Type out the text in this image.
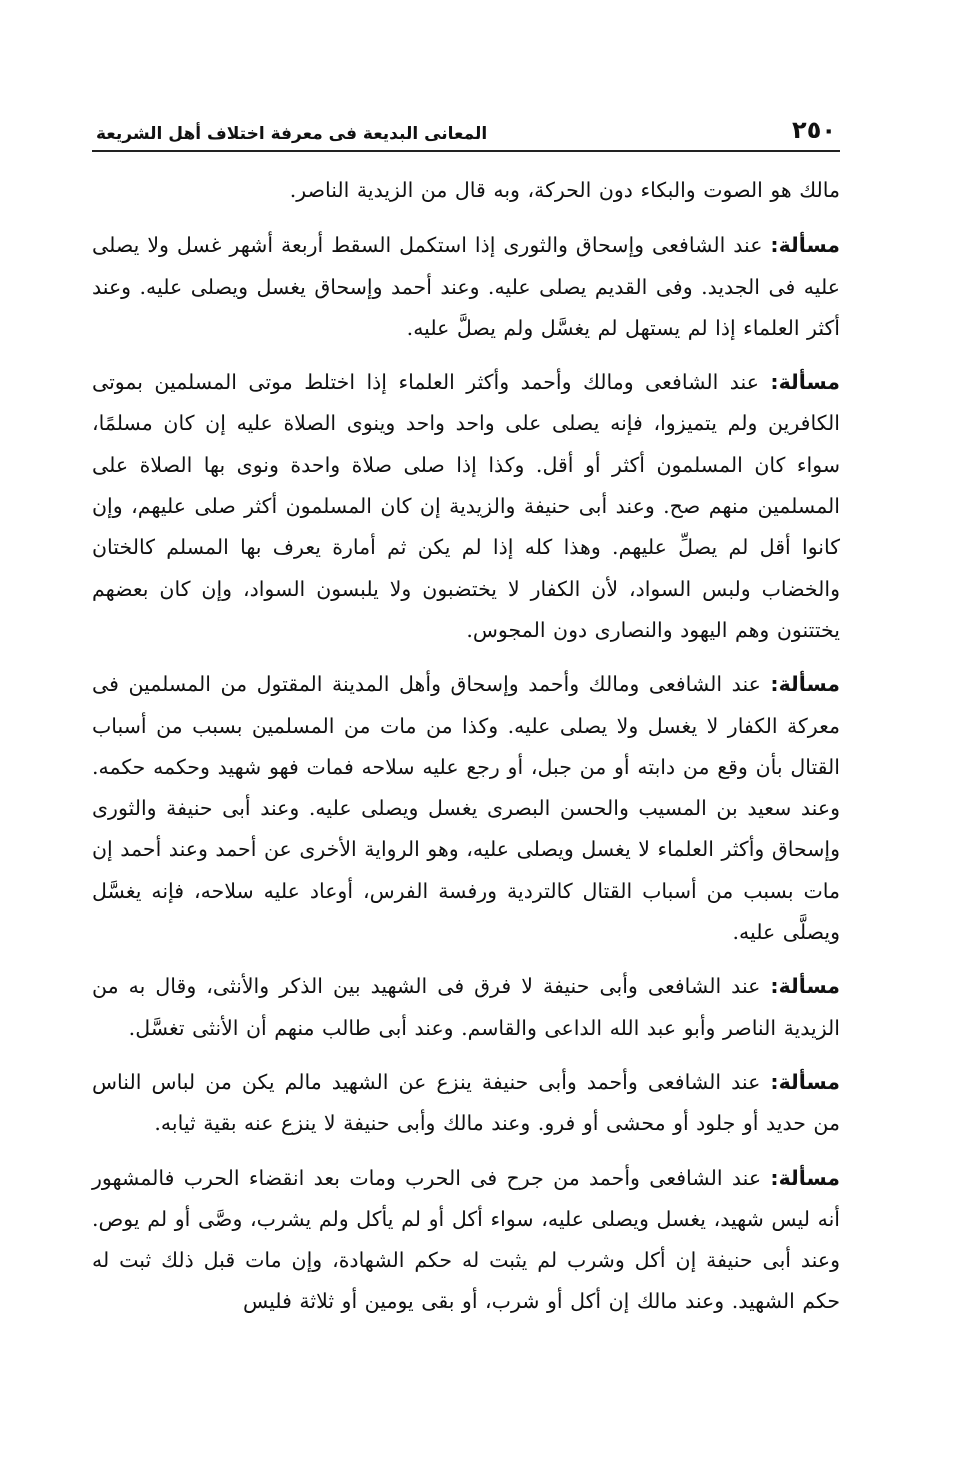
٢٥٠
المعانى البديعة فى معرفة اختلاف أهل الشريعة

مالك هو الصوت والبكاء دون الحركة، وبه قال من الزيدية الناصر.

مسألة: عند الشافعى وإسحاق والثورى إذا استكمل السقط أربعة أشهر غسل ولا يصلى عليه فى الجديد. وفى القديم يصلى عليه. وعند أحمد وإسحاق يغسل ويصلى عليه. وعند أكثر العلماء إذا لم يستهل لم يغسَّل ولم يصلَّ عليه.

مسألة: عند الشافعى ومالك وأحمد وأكثر العلماء إذا اختلط موتى المسلمين بموتى الكافرين ولم يتميزوا، فإنه يصلى على واحد واحد وينوى الصلاة عليه إن كان مسلمًا، سواء كان المسلمون أكثر أو أقل. وكذا إذا صلى صلاة واحدة ونوى بها الصلاة على المسلمين منهم صح. وعند أبى حنيفة والزيدية إن كان المسلمون أكثر صلى عليهم، وإن كانوا أقل لم يصلِّ عليهم. وهذا كله إذا لم يكن ثم أمارة يعرف بها المسلم كالختان والخضاب ولبس السواد، لأن الكفار لا يختضبون ولا يلبسون السواد، وإن كان بعضهم يختتنون وهم اليهود والنصارى دون المجوس.

مسألة: عند الشافعى ومالك وأحمد وإسحاق وأهل المدينة المقتول من المسلمين فى معركة الكفار لا يغسل ولا يصلى عليه. وكذا من مات من المسلمين بسبب من أسباب القتال بأن وقع من دابته أو من جبل، أو رجع عليه سلاحه فمات فهو شهيد وحكمه حكمه. وعند سعيد بن المسيب والحسن البصرى يغسل ويصلى عليه. وعند أبى حنيفة والثورى وإسحاق وأكثر العلماء لا يغسل ويصلى عليه، وهو الرواية الأخرى عن أحمد وعند أحمد إن مات بسبب من أسباب القتال كالتردية ورفسة الفرس، أوعاد عليه سلاحه، فإنه يغسَّل ويصلَّى عليه.

مسألة: عند الشافعى وأبى حنيفة لا فرق فى الشهيد بين الذكر والأنثى، وقال به من الزيدية الناصر وأبو عبد الله الداعى والقاسم. وعند أبى طالب منهم أن الأنثى تغسَّل.

مسألة: عند الشافعى وأحمد وأبى حنيفة ينزع عن الشهيد مالم يكن من لباس الناس من حديد أو جلود أو محشى أو فرو. وعند مالك وأبى حنيفة لا ينزع عنه بقية ثيابه.

مسألة: عند الشافعى وأحمد من جرح فى الحرب ومات بعد انقضاء الحرب فالمشهور أنه ليس شهيد، يغسل ويصلى عليه، سواء أكل أو لم يأكل ولم يشرب، وصَّى أو لم يوص. وعند أبى حنيفة إن أكل وشرب لم يثبت له حكم الشهادة، وإن مات قبل ذلك ثبت له حكم الشهيد. وعند مالك إن أكل أو شرب، أو بقى يومين أو ثلاثة فليس
